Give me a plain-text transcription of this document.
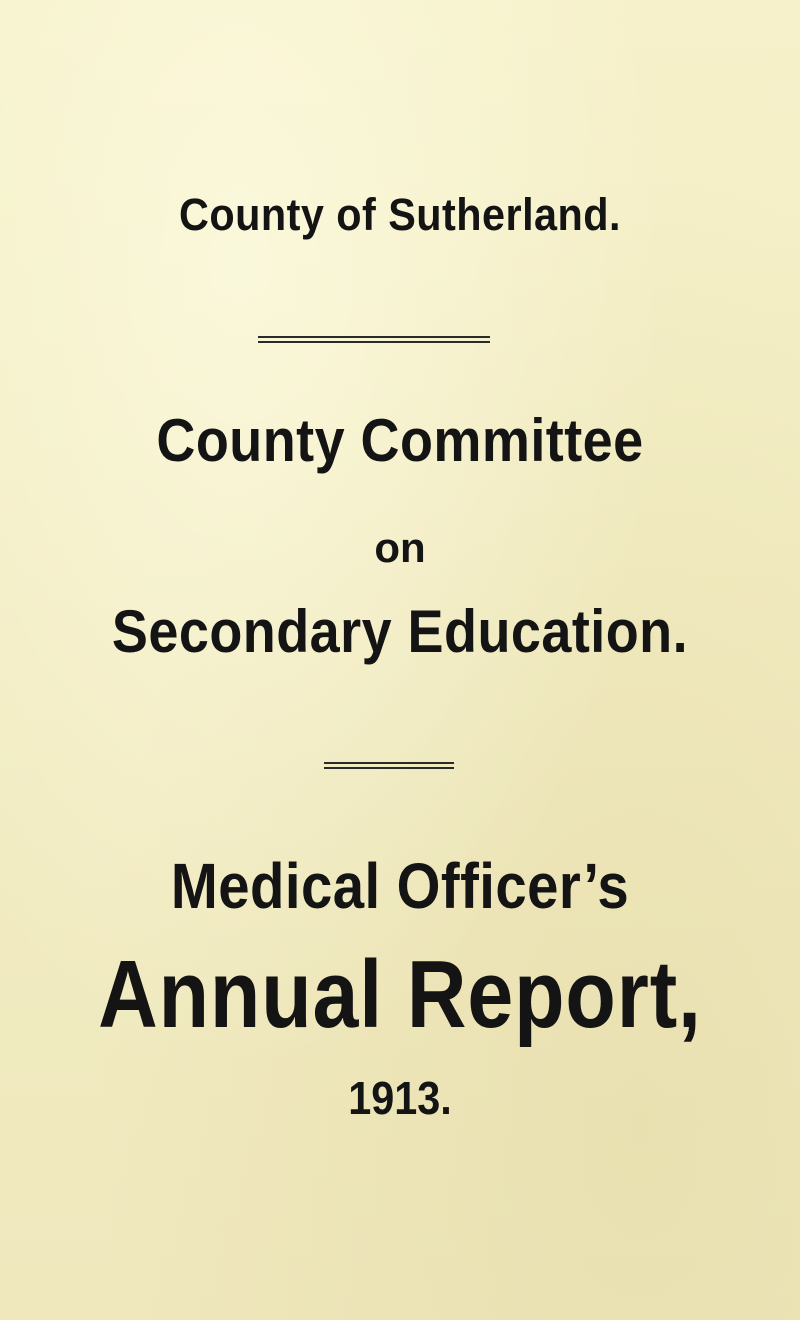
County of Sutherland.
County Committee
on
Secondary Education.
Medical Officer’s
Annual Report,
1913.
